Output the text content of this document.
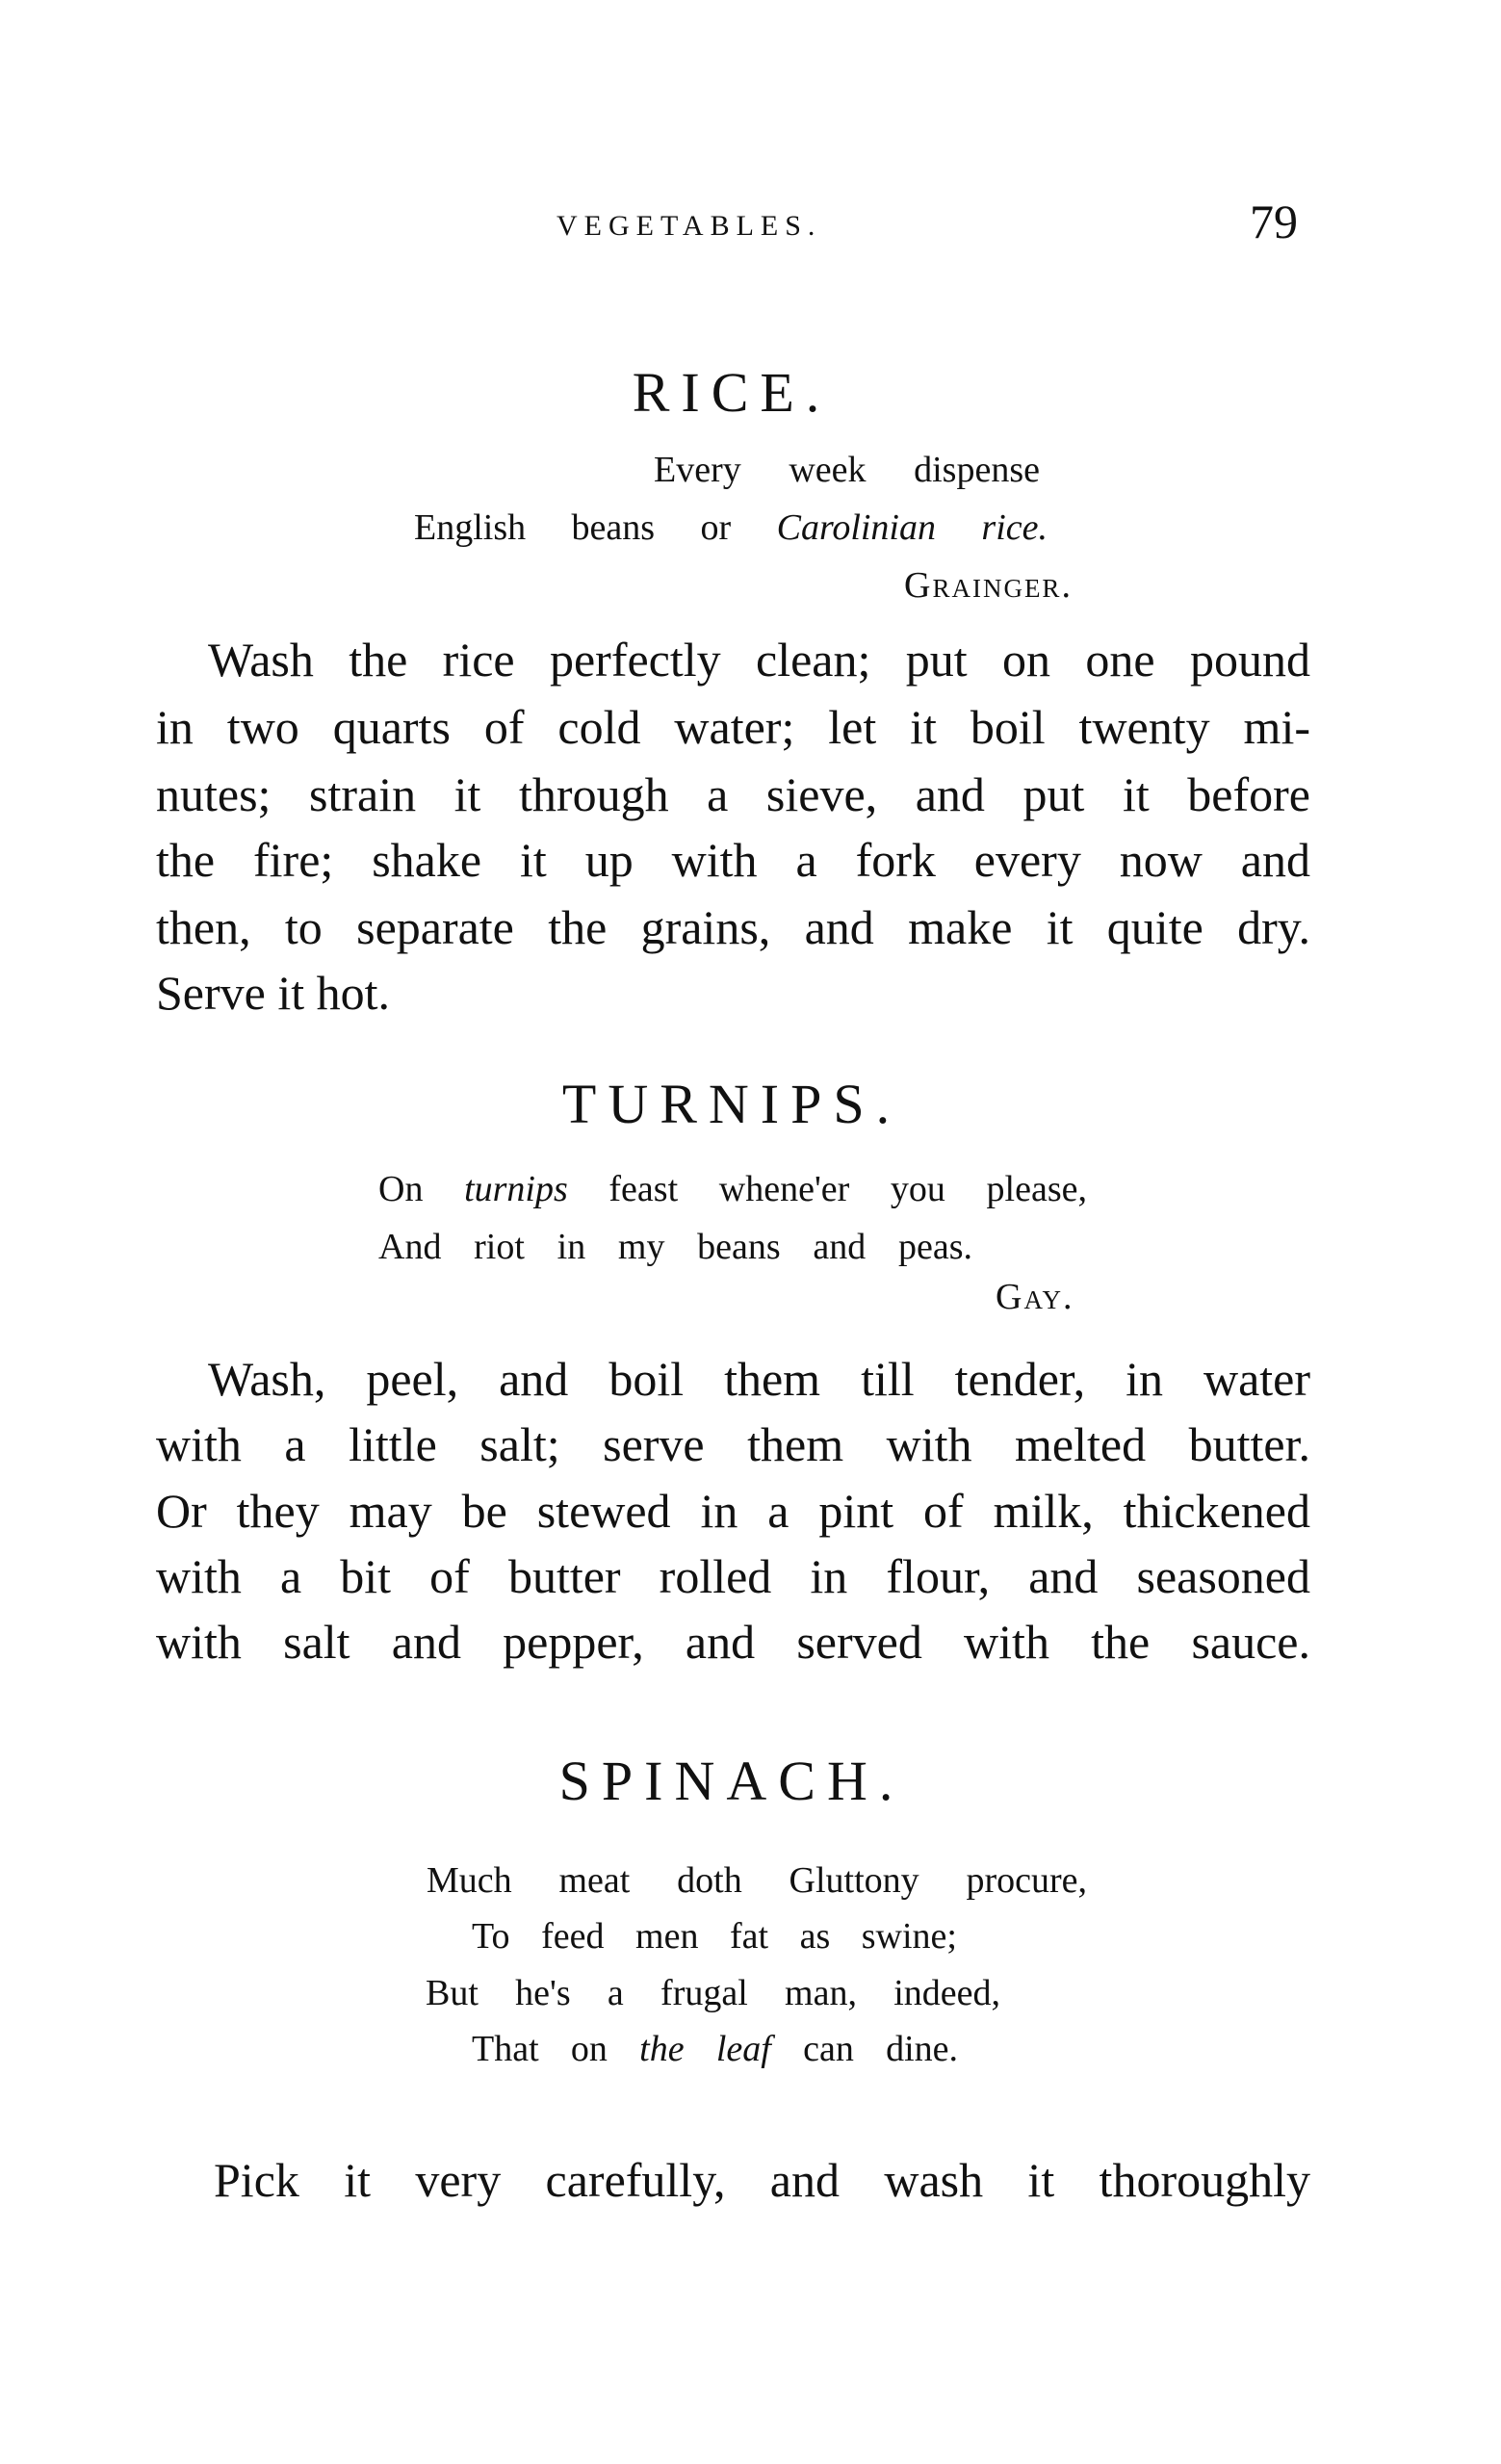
VEGETABLES.	79
RICE.
Every week dispense
English beans or Carolinian rice.
Grainger.
Wash the rice perfectly clean; put on one pound
in two quarts of cold water; let it boil twenty mi-
nutes; strain it through a sieve, and put it before
the fire; shake it up with a fork every now and
then, to separate the grains, and make it quite dry.
Serve it hot.
TURNIPS.
On turnips feast whene'er you please,
And riot in my beans and peas.
Gay.
Wash, peel, and boil them till tender, in water
with a little salt; serve them with melted butter.
Or they may be stewed in a pint of milk, thickened
with a bit of butter rolled in flour, and seasoned
with salt and pepper, and served with the sauce.
SPINACH.
Much meat doth Gluttony procure,
To feed men fat as swine;
But he's a frugal man, indeed,
That on the leaf can dine.
Pick it very carefully, and wash it thoroughly
